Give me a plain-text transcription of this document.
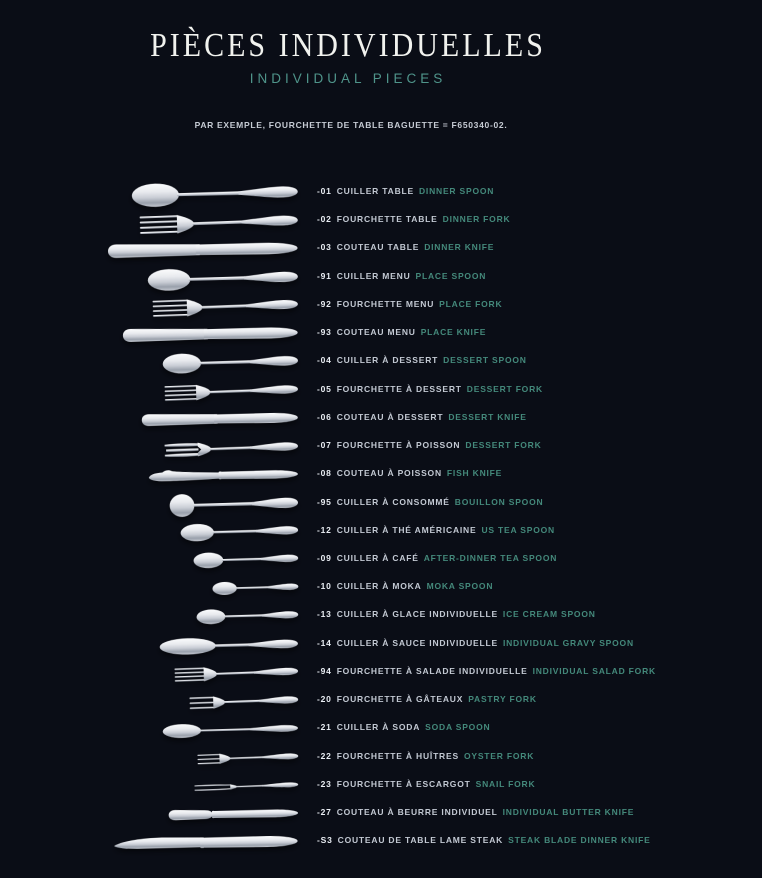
PIÈCES INDIVIDUELLES
INDIVIDUAL PIECES

PAR EXEMPLE, FOURCHETTE DE TABLE BAGUETTE = F650340-02.

-01 CUILLER TABLE DINNER SPOON
-02 FOURCHETTE TABLE DINNER FORK
-03 COUTEAU TABLE DINNER KNIFE
-91 CUILLER MENU PLACE SPOON
-92 FOURCHETTE MENU PLACE FORK
-93 COUTEAU MENU PLACE KNIFE
-04 CUILLER À DESSERT DESSERT SPOON
-05 FOURCHETTE À DESSERT DESSERT FORK
-06 COUTEAU À DESSERT DESSERT KNIFE
-07 FOURCHETTE À POISSON DESSERT FORK
-08 COUTEAU À POISSON FISH KNIFE
-95 CUILLER À CONSOMMÉ BOUILLON SPOON
-12 CUILLER À THÉ AMÉRICAINE US TEA SPOON
-09 CUILLER À CAFÉ AFTER-DINNER TEA SPOON
-10 CUILLER À MOKA MOKA SPOON
-13 CUILLER À GLACE INDIVIDUELLE ICE CREAM SPOON
-14 CUILLER À SAUCE INDIVIDUELLE INDIVIDUAL GRAVY SPOON
-94 FOURCHETTE À SALADE INDIVIDUELLE INDIVIDUAL SALAD FORK
-20 FOURCHETTE À GÂTEAUX PASTRY FORK
-21 CUILLER À SODA SODA SPOON
-22 FOURCHETTE À HUÎTRES OYSTER FORK
-23 FOURCHETTE À ESCARGOT SNAIL FORK
-27 COUTEAU À BEURRE INDIVIDUEL INDIVIDUAL BUTTER KNIFE
-S3 COUTEAU DE TABLE LAME STEAK STEAK BLADE DINNER KNIFE
